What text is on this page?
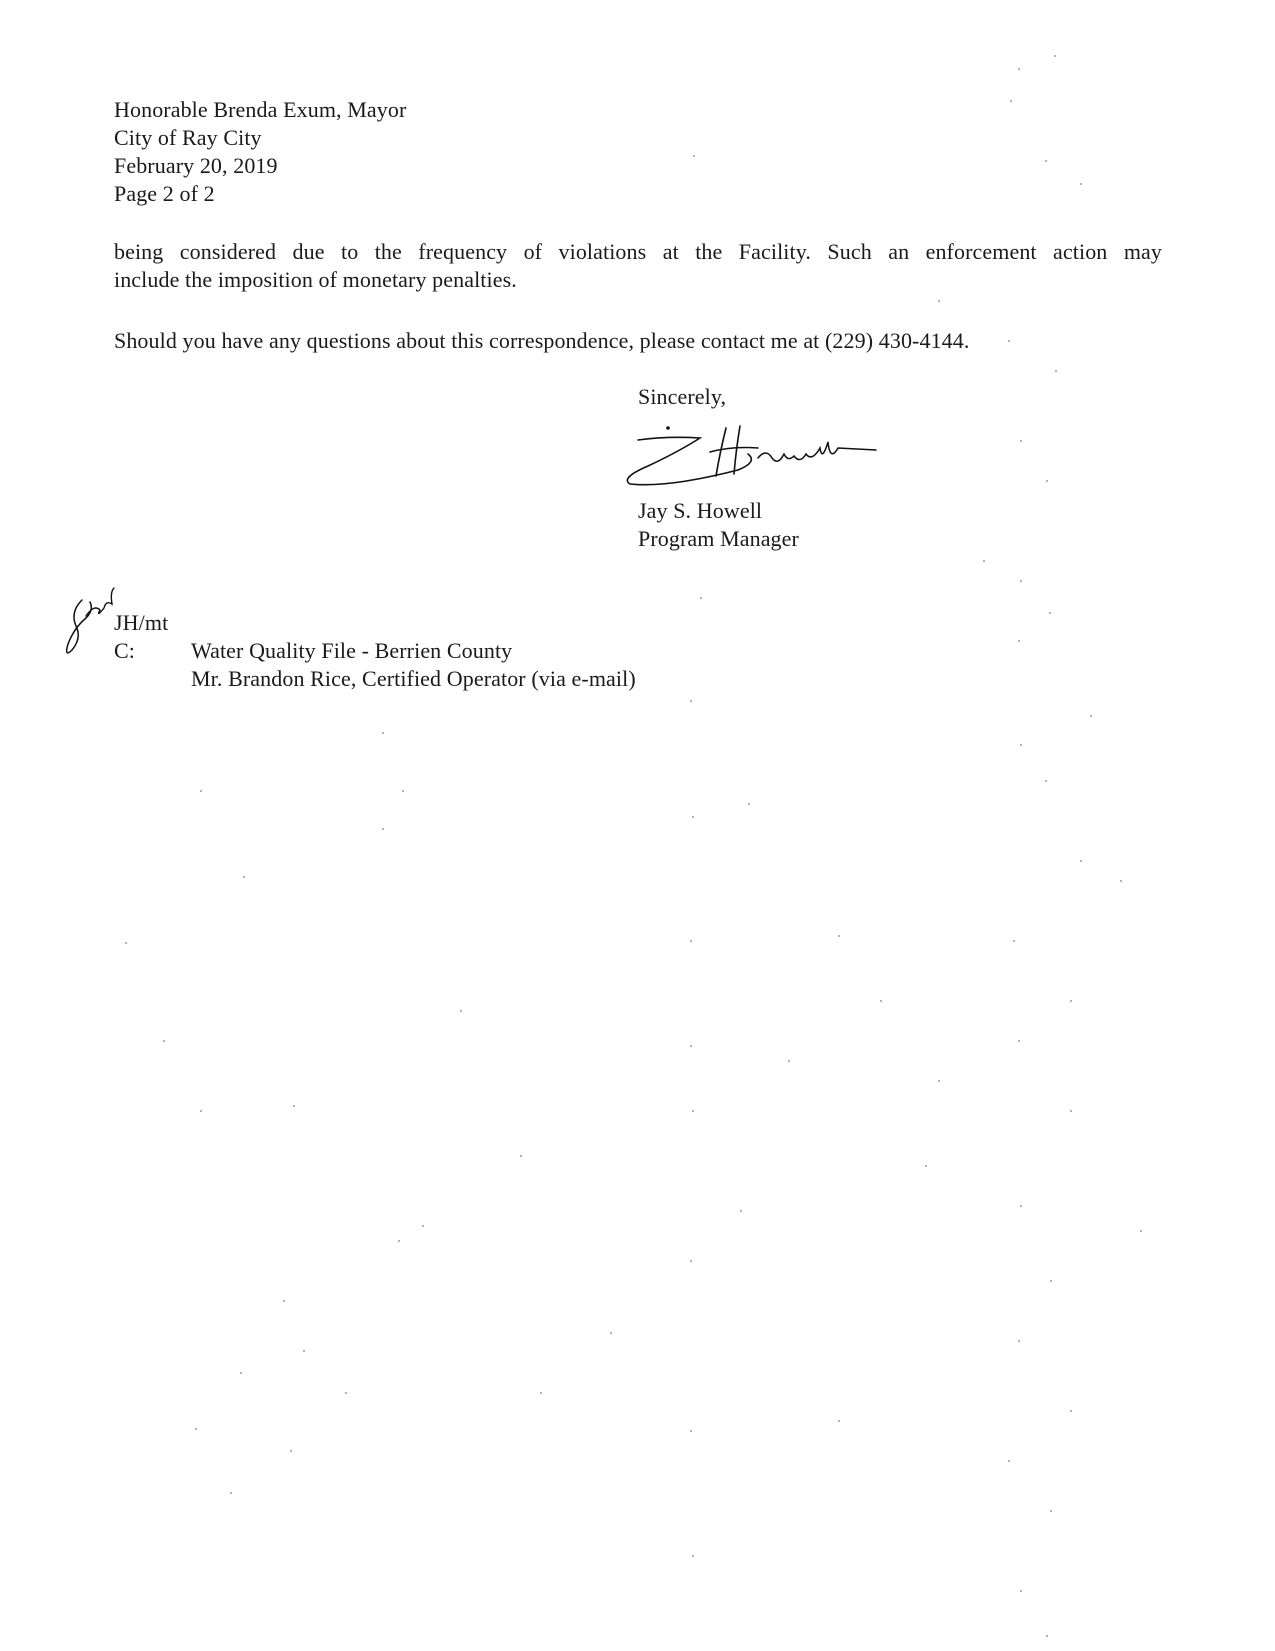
Honorable Brenda Exum, Mayor
City of Ray City
February 20, 2019
Page 2 of 2
being considered due to the frequency of violations at the Facility. Such an enforcement action may
include the imposition of monetary penalties.
Should you have any questions about this correspondence, please contact me at (229) 430-4144.
Sincerely,
Jay S. Howell
Program Manager
JH/mt
C:	Water Quality File - Berrien County
Mr. Brandon Rice, Certified Operator (via e-mail)
